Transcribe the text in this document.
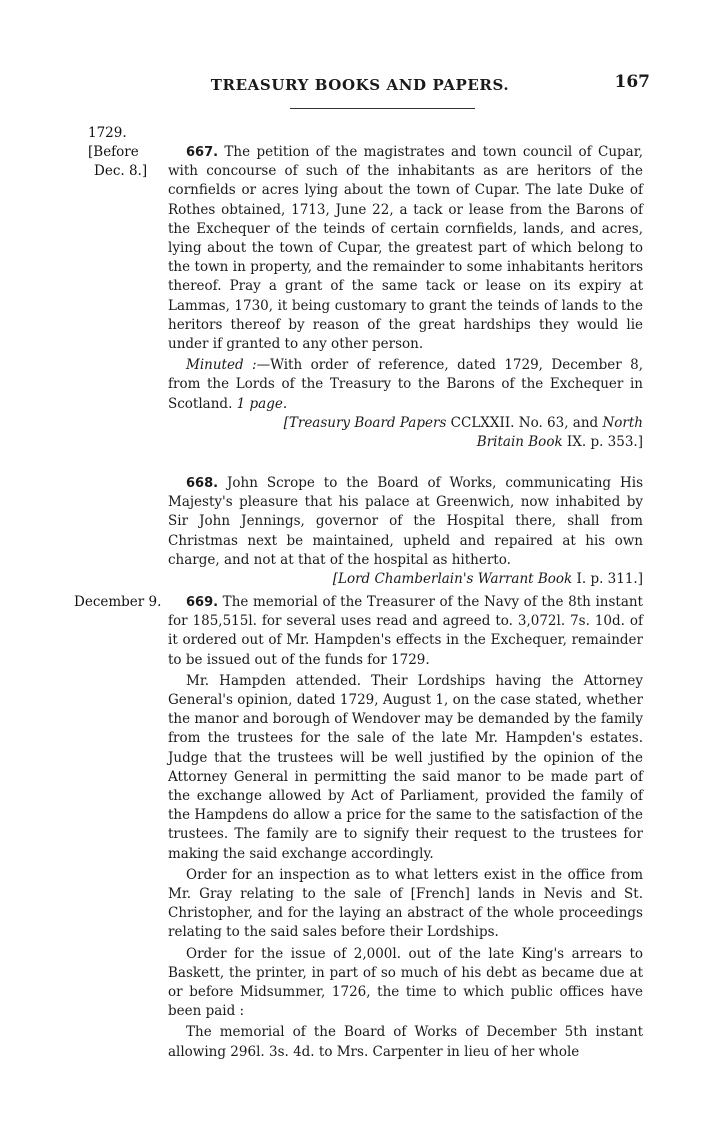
TREASURY BOOKS AND PAPERS.	167
1729.
[Before
Dec. 8.]
December 9.

667. The petition of the magistrates and town council of Cupar, with concourse of such of the inhabitants as are heritors of the cornfields or acres lying about the town of Cupar. The late Duke of Rothes obtained, 1713, June 22, a tack or lease from the Barons of the Exchequer of the teinds of certain cornfields, lands, and acres, lying about the town of Cupar, the greatest part of which belong to the town in property, and the remainder to some inhabitants heritors thereof. Pray a grant of the same tack or lease on its expiry at Lammas, 1730, it being customary to grant the teinds of lands to the heritors thereof by reason of the great hardships they would lie under if granted to any other person.

Minuted :—With order of reference, dated 1729, December 8, from the Lords of the Treasury to the Barons of the Exchequer in Scotland. 1 page.

[Treasury Board Papers CCLXXII. No. 63, and North
Britain Book IX. p. 353.]

668. John Scrope to the Board of Works, communicating His Majesty's pleasure that his palace at Greenwich, now inhabited by Sir John Jennings, governor of the Hospital there, shall from Christmas next be maintained, upheld and repaired at his own charge, and not at that of the hospital as hitherto.

[Lord Chamberlain's Warrant Book I. p. 311.]

669. The memorial of the Treasurer of the Navy of the 8th instant for 185,515l. for several uses read and agreed to. 3,072l. 7s. 10d. of it ordered out of Mr. Hampden's effects in the Exchequer, remainder to be issued out of the funds for 1729.

Mr. Hampden attended. Their Lordships having the Attorney General's opinion, dated 1729, August 1, on the case stated, whether the manor and borough of Wendover may be demanded by the family from the trustees for the sale of the late Mr. Hampden's estates. Judge that the trustees will be well justified by the opinion of the Attorney General in permitting the said manor to be made part of the exchange allowed by Act of Parliament, provided the family of the Hampdens do allow a price for the same to the satisfaction of the trustees. The family are to signify their request to the trustees for making the said exchange accordingly.

Order for an inspection as to what letters exist in the office from Mr. Gray relating to the sale of [French] lands in Nevis and St. Christopher, and for the laying an abstract of the whole proceedings relating to the said sales before their Lordships.

Order for the issue of 2,000l. out of the late King's arrears to Baskett, the printer, in part of so much of his debt as became due at or before Midsummer, 1726, the time to which public offices have been paid :

The memorial of the Board of Works of December 5th instant allowing 296l. 3s. 4d. to Mrs. Carpenter in lieu of her whole
